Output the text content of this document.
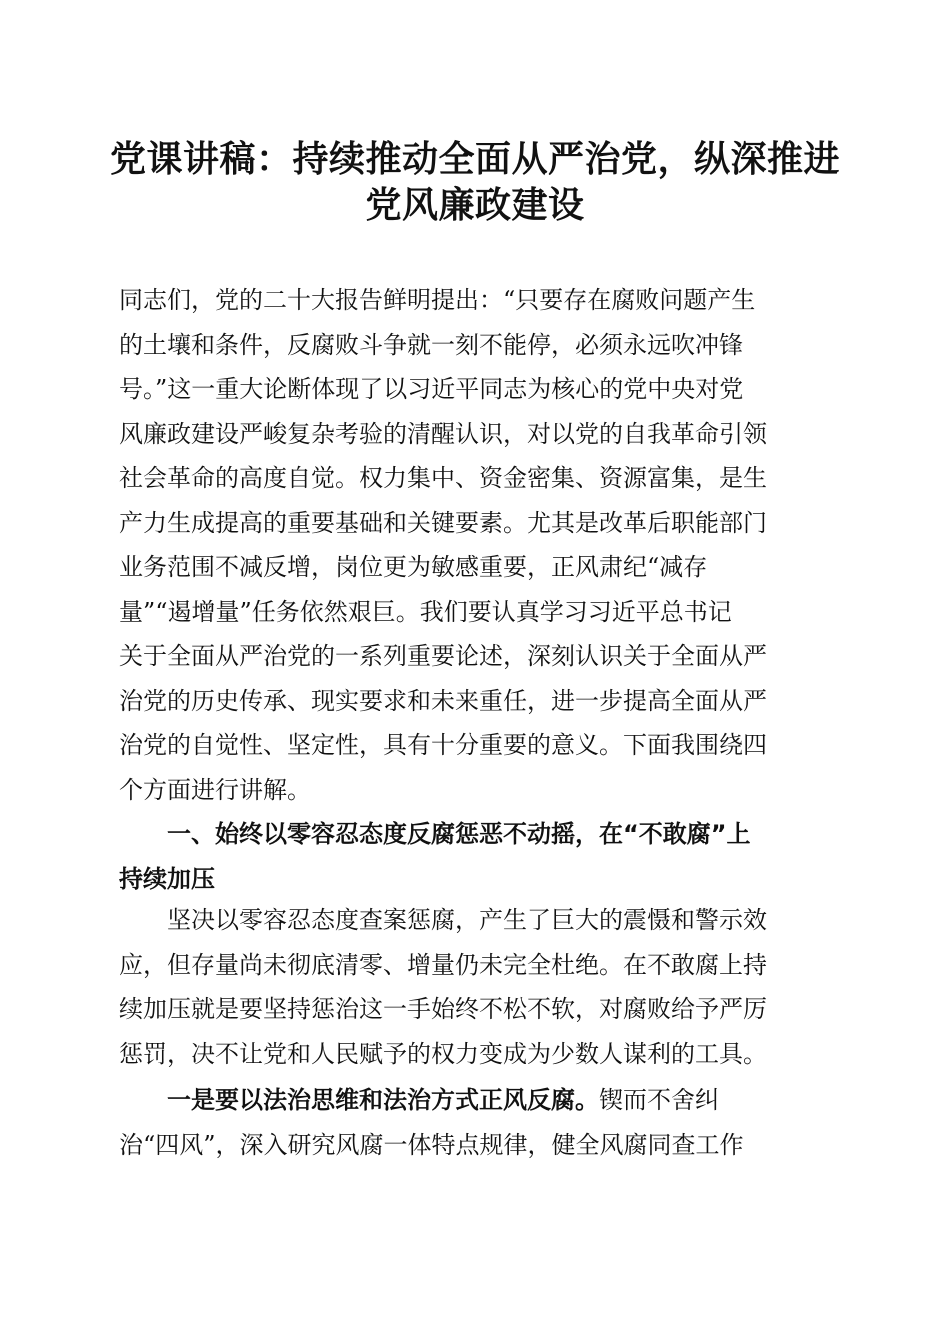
党课讲稿：持续推动全面从严治党，纵深推进
党风廉政建设
同志们，党的二十大报告鲜明提出：“只要存在腐败问题产生
的土壤和条件，反腐败斗争就一刻不能停，必须永远吹冲锋
号。”这一重大论断体现了以习近平同志为核心的党中央对党
风廉政建设严峻复杂考验的清醒认识，对以党的自我革命引领
社会革命的高度自觉。权力集中、资金密集、资源富集，是生
产力生成提高的重要基础和关键要素。尤其是改革后职能部门
业务范围不减反增，岗位更为敏感重要，正风肃纪“减存
量”“遏增量”任务依然艰巨。我们要认真学习习近平总书记
关于全面从严治党的一系列重要论述，深刻认识关于全面从严
治党的历史传承、现实要求和未来重任，进一步提高全面从严
治党的自觉性、坚定性，具有十分重要的意义。下面我围绕四
个方面进行讲解。
一、始终以零容忍态度反腐惩恶不动摇，在“不敢腐”上
持续加压
坚决以零容忍态度查案惩腐，产生了巨大的震慑和警示效
应，但存量尚未彻底清零、增量仍未完全杜绝。在不敢腐上持
续加压就是要坚持惩治这一手始终不松不软，对腐败给予严厉
惩罚，决不让党和人民赋予的权力变成为少数人谋利的工具。
一是要以法治思维和法治方式正风反腐。锲而不舍纠
治“四风”，深入研究风腐一体特点规律，健全风腐同查工作
